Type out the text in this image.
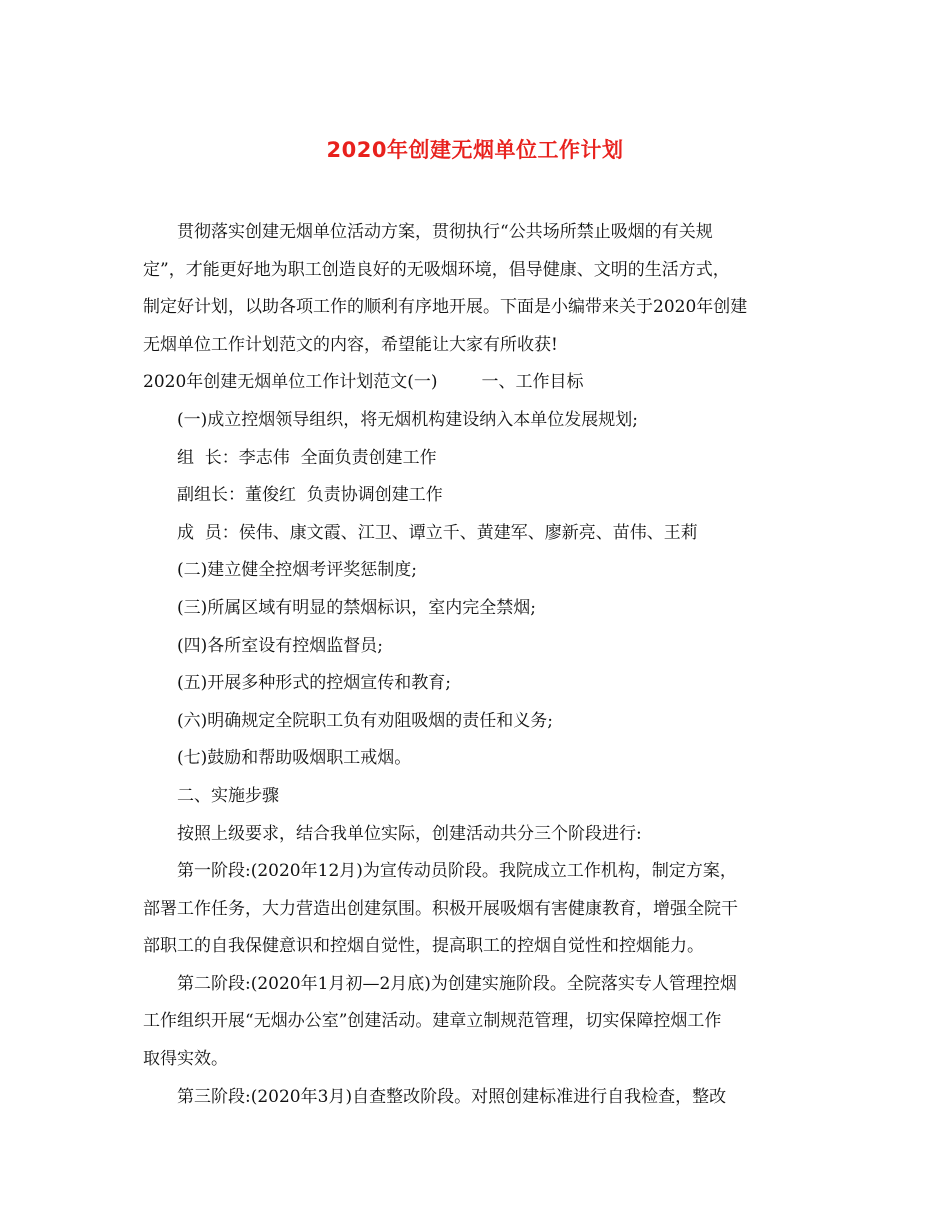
2020年创建无烟单位工作计划
贯彻落实创建无烟单位活动方案，贯彻执行“公共场所禁止吸烟的有关规
定”，才能更好地为职工创造良好的无吸烟环境，倡导健康、文明的生活方式，
制定好计划，以助各项工作的顺利有序地开展。下面是小编带来关于2020年创建
无烟单位工作计划范文的内容，希望能让大家有所收获!
2020年创建无烟单位工作计划范文(一)	一、工作目标
(一)成立控烟领导组织，将无烟机构建设纳入本单位发展规划;
组  长：李志伟  全面负责创建工作
副组长：董俊红  负责协调创建工作
成  员：侯伟、康文霞、江卫、谭立千、黄建军、廖新亮、苗伟、王莉
(二)建立健全控烟考评奖惩制度;
(三)所属区域有明显的禁烟标识，室内完全禁烟;
(四)各所室设有控烟监督员;
(五)开展多种形式的控烟宣传和教育;
(六)明确规定全院职工负有劝阻吸烟的责任和义务;
(七)鼓励和帮助吸烟职工戒烟。
二、实施步骤
按照上级要求，结合我单位实际，创建活动共分三个阶段进行:
第一阶段:(2020年12月)为宣传动员阶段。我院成立工作机构，制定方案，
部署工作任务，大力营造出创建氛围。积极开展吸烟有害健康教育，增强全院干
部职工的自我保健意识和控烟自觉性，提高职工的控烟自觉性和控烟能力。
第二阶段:(2020年1月初—2月底)为创建实施阶段。全院落实专人管理控烟
工作组织开展“无烟办公室”创建活动。建章立制规范管理，切实保障控烟工作
取得实效。
第三阶段:(2020年3月)自查整改阶段。对照创建标准进行自我检查，整改
